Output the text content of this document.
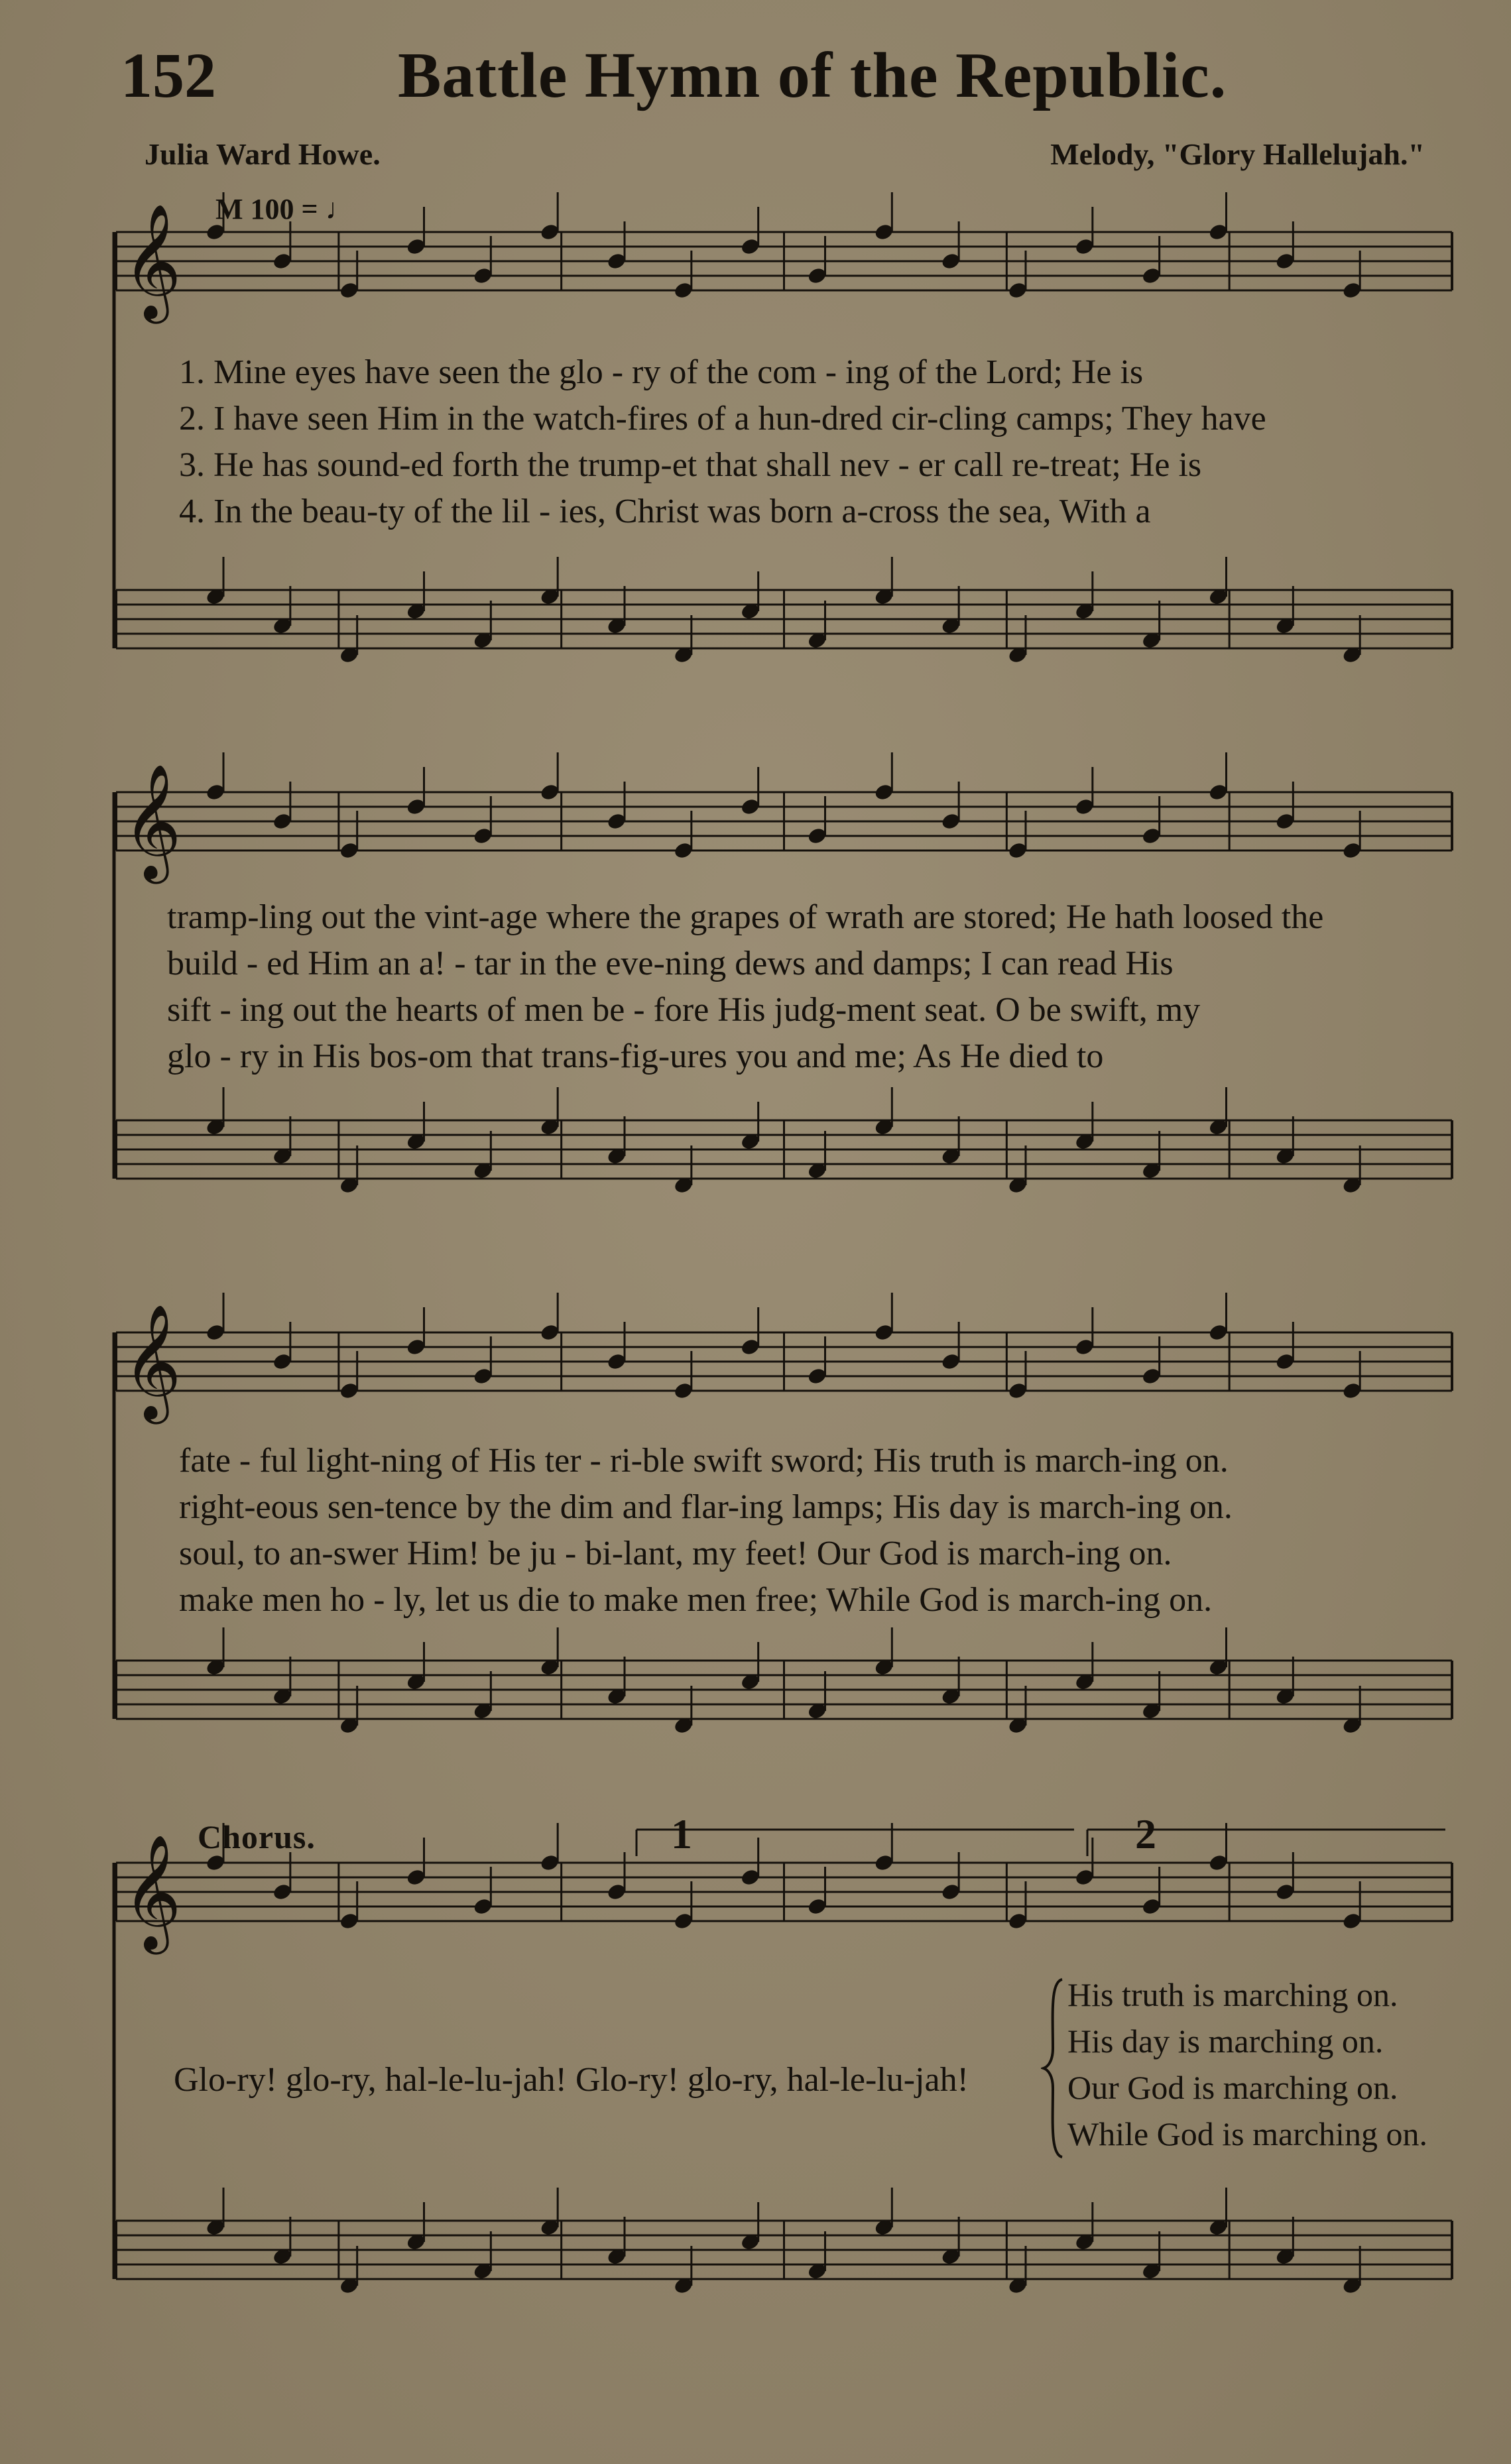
152	Battle Hymn of the Republic.
Julia Ward Howe.	Melody, "Glory Hallelujah."
M 100 = ♩
𝄞
𝄞
𝄞
𝄞
1. Mine eyes have seen the glo - ry of the com - ing of the Lord; He is
2. I have seen Him in the watch-fires of a hun-dred cir-cling camps; They have
3. He has sound-ed forth the trump-et that shall nev - er call re-treat; He is
4. In the beau-ty of the lil - ies, Christ was born a-cross the sea, With a
tramp-ling out the vint-age where the grapes of wrath are stored; He hath loosed the
build - ed Him an a! - tar in the eve-ning dews and damps; I can read His
sift - ing out the hearts of men be - fore His judg-ment seat. O be swift, my
glo - ry in His bos-om that trans-fig-ures you and me; As He died to
fate - ful light-ning of His ter - ri-ble swift sword; His truth is march-ing on.
right-eous sen-tence by the dim and flar-ing lamps; His day is march-ing on.
soul, to an-swer Him! be ju - bi-lant, my feet! Our God is march-ing on.
make men ho - ly, let us die to make men free; While God is march-ing on.
Chorus.	1	2
Glo-ry! glo-ry, hal-le-lu-jah! Glo-ry! glo-ry, hal-le-lu-jah!
His truth is marching on.
His day is marching on.
Our God is marching on.
While God is marching on.
